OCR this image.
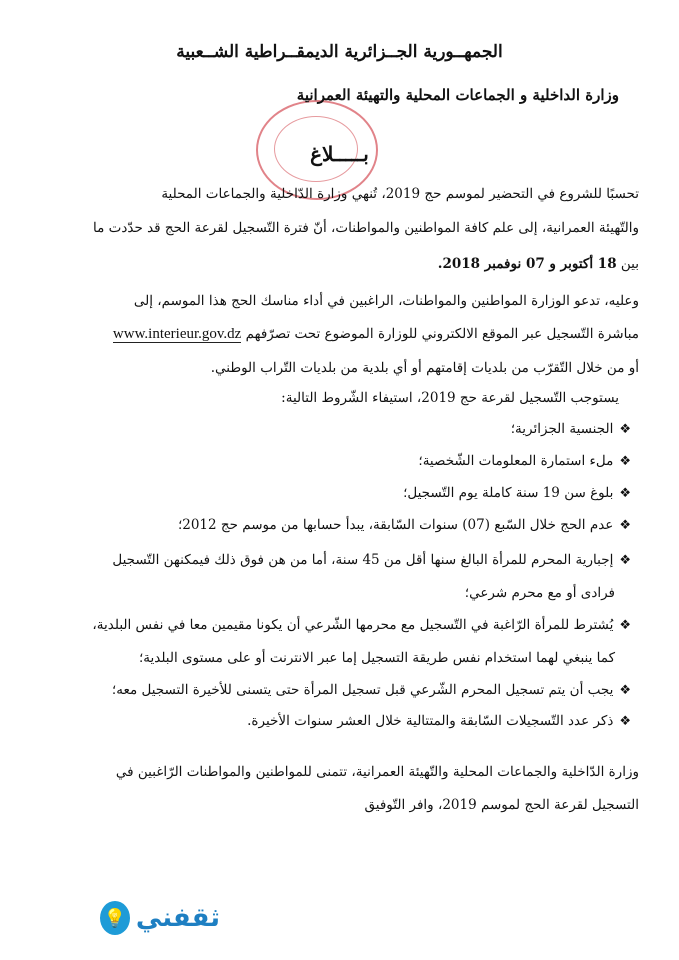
الجمهــورية الجــزائرية الديمقــراطية الشــعبية
وزارة الداخلية و الجماعات المحلية والتهيئة العمرانية
بـــــلاغ
تحسبًا للشروع في التحضير لموسم حج 2019، تُنهي وزارة الدّاخلية والجماعات المحلية
والتّهيئة العمرانية، إلى علم كافة المواطنين والمواطنات، أنّ فترة التّسجيل لقرعة الحج قد حدّدت ما
بين 18 أكتوبر و 07 نوفمبر 2018.
وعليه، تدعو الوزارة المواطنين والمواطنات، الراغبين في أداء مناسك الحج هذا الموسم، إلى
مباشرة التّسجيل عبر الموقع الالكتروني للوزارة الموضوع تحت تصرّفهم www.interieur.gov.dz
أو من خلال التّقرّب من بلديات إقامتهم أو أي بلدية من بلديات التّراب الوطني.
يستوجب التّسجيل لقرعة حج 2019، استيفاء الشّروط التالية:
❖الجنسية الجزائرية؛
❖ملء استمارة المعلومات الشّخصية؛
❖بلوغ سن 19 سنة كاملة يوم التّسجيل؛
❖عدم الحج خلال السّبع (07) سنوات السّابقة، يبدأ حسابها من موسم حج 2012؛
❖إجبارية المحرم للمرأة البالغ سنها أقل من 45 سنة، أما من هن فوق ذلك فيمكنهن التّسجيل
فرادى أو مع محرم شرعي؛
❖يُشترط للمرأة الرّاغبة في التّسجيل مع محرمها الشّرعي أن يكونا مقيمين معا في نفس البلدية،
كما ينبغي لهما استخدام نفس طريقة التسجيل إما عبر الانترنت أو على مستوى البلدية؛
❖يجب أن يتم تسجيل المحرم الشّرعي قبل تسجيل المرأة حتى يتسنى للأخيرة التسجيل معه؛
❖ذكر عدد التّسجيلات السّابقة والمتتالية خلال العشر سنوات الأخيرة.
وزارة الدّاخلية والجماعات المحلية والتّهيئة العمرانية، تتمنى للمواطنين والمواطنات الرّاغبين في
التسجيل لقرعة الحج لموسم 2019، وافر التّوفيق
💡 ثقفني
